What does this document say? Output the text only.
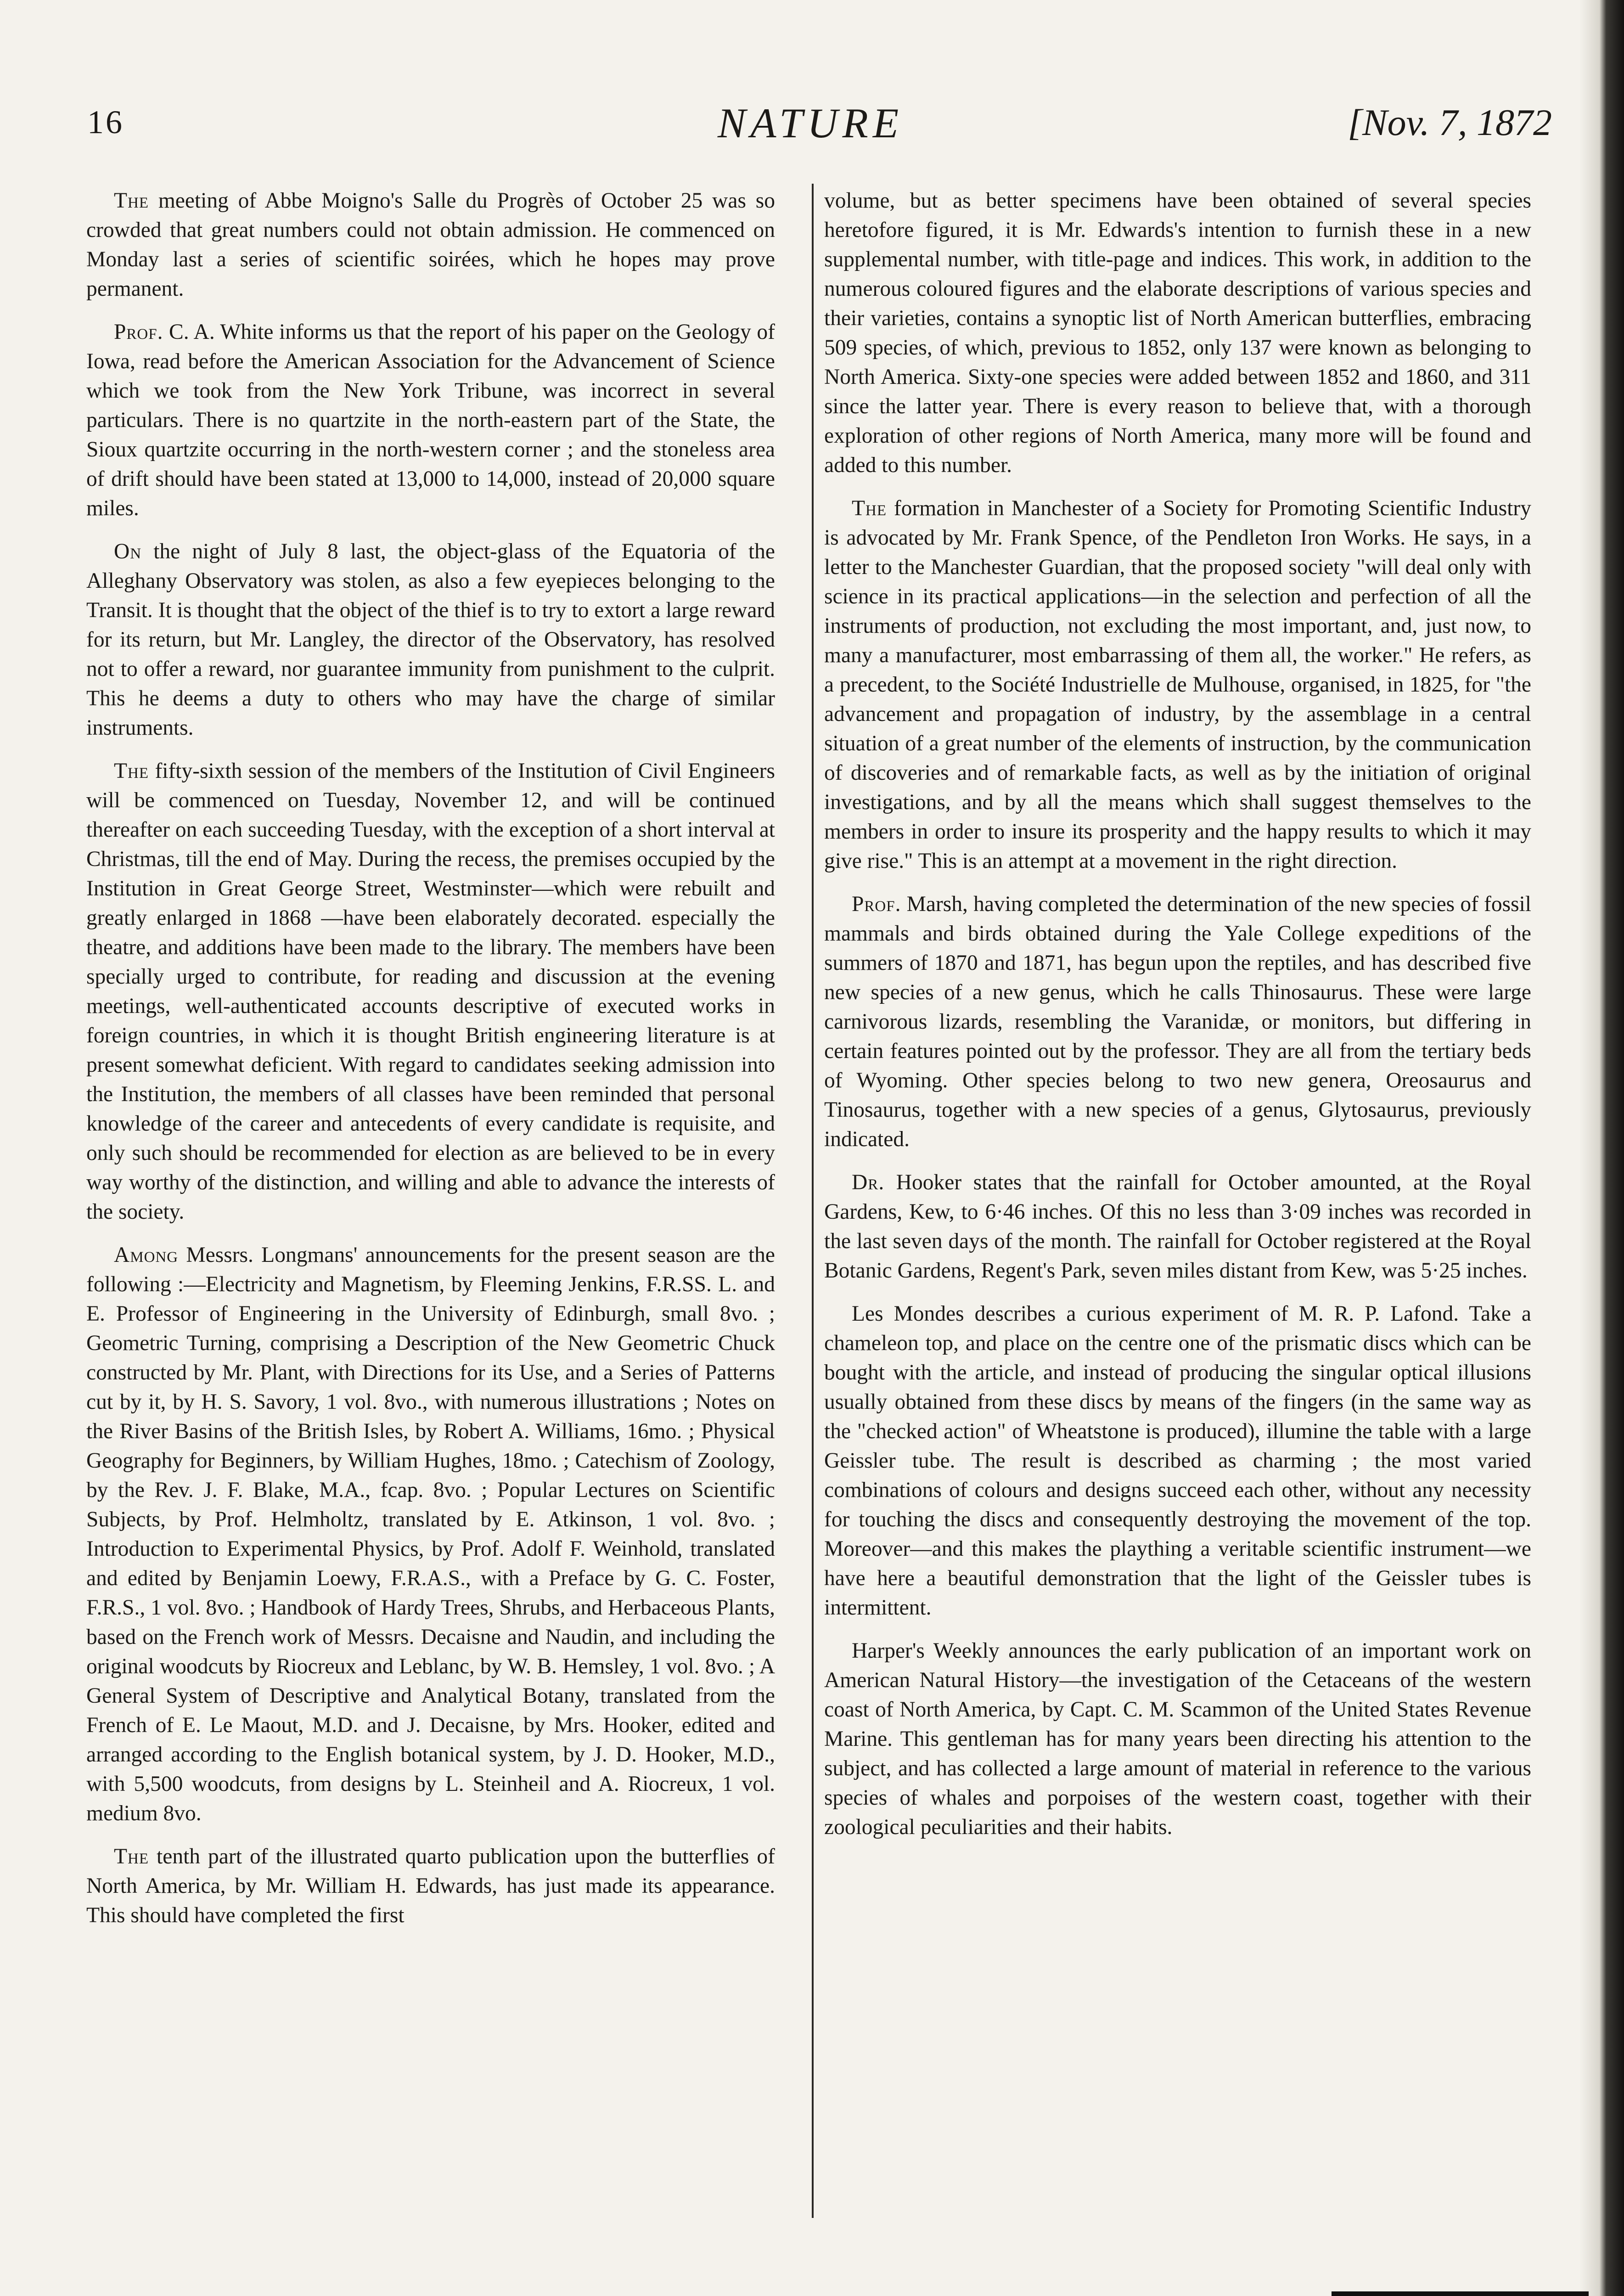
16	NATURE	[Nov. 7, 1872

The meeting of Abbe Moigno's Salle du Progrès of October 25 was so crowded that great numbers could not obtain admission. He commenced on Monday last a series of scientific soirées, which he hopes may prove permanent.

Prof. C. A. White informs us that the report of his paper on the Geology of Iowa, read before the American Association for the Advancement of Science which we took from the New York Tribune, was incorrect in several particulars. There is no quartzite in the north-eastern part of the State, the Sioux quartzite occurring in the north-western corner ; and the stoneless area of drift should have been stated at 13,000 to 14,000, instead of 20,000 square miles.

On the night of July 8 last, the object-glass of the Equatoria of the Alleghany Observatory was stolen, as also a few eyepieces belonging to the Transit. It is thought that the object of the thief is to try to extort a large reward for its return, but Mr. Langley, the director of the Observatory, has resolved not to offer a reward, nor guarantee immunity from punishment to the culprit. This he deems a duty to others who may have the charge of similar instruments.

The fifty-sixth session of the members of the Institution of Civil Engineers will be commenced on Tuesday, November 12, and will be continued thereafter on each succeeding Tuesday, with the exception of a short interval at Christmas, till the end of May. During the recess, the premises occupied by the Institution in Great George Street, Westminster—which were rebuilt and greatly enlarged in 1868 —have been elaborately decorated. especially the theatre, and additions have been made to the library. The members have been specially urged to contribute, for reading and discussion at the evening meetings, well-authenticated accounts descriptive of executed works in foreign countries, in which it is thought British engineering literature is at present somewhat deficient. With regard to candidates seeking admission into the Institution, the members of all classes have been reminded that personal knowledge of the career and antecedents of every candidate is requisite, and only such should be recommended for election as are believed to be in every way worthy of the distinction, and willing and able to advance the interests of the society.

Among Messrs. Longmans' announcements for the present season are the following :—Electricity and Magnetism, by Fleeming Jenkins, F.R.SS. L. and E. Professor of Engineering in the University of Edinburgh, small 8vo. ; Geometric Turning, comprising a Description of the New Geometric Chuck constructed by Mr. Plant, with Directions for its Use, and a Series of Patterns cut by it, by H. S. Savory, 1 vol. 8vo., with numerous illustrations ; Notes on the River Basins of the British Isles, by Robert A. Williams, 16mo. ; Physical Geography for Beginners, by William Hughes, 18mo. ; Catechism of Zoology, by the Rev. J. F. Blake, M.A., fcap. 8vo. ; Popular Lectures on Scientific Subjects, by Prof. Helmholtz, translated by E. Atkinson, 1 vol. 8vo. ; Introduction to Experimental Physics, by Prof. Adolf F. Weinhold, translated and edited by Benjamin Loewy, F.R.A.S., with a Preface by G. C. Foster, F.R.S., 1 vol. 8vo. ; Handbook of Hardy Trees, Shrubs, and Herbaceous Plants, based on the French work of Messrs. Decaisne and Naudin, and including the original woodcuts by Riocreux and Leblanc, by W. B. Hemsley, 1 vol. 8vo. ; A General System of Descriptive and Analytical Botany, translated from the French of E. Le Maout, M.D. and J. Decaisne, by Mrs. Hooker, edited and arranged according to the English botanical system, by J. D. Hooker, M.D., with 5,500 woodcuts, from designs by L. Steinheil and A. Riocreux, 1 vol. medium 8vo.

The tenth part of the illustrated quarto publication upon the butterflies of North America, by Mr. William H. Edwards, has just made its appearance. This should have completed the first

volume, but as better specimens have been obtained of several species heretofore figured, it is Mr. Edwards's intention to furnish these in a new supplemental number, with title-page and indices. This work, in addition to the numerous coloured figures and the elaborate descriptions of various species and their varieties, contains a synoptic list of North American butterflies, embracing 509 species, of which, previous to 1852, only 137 were known as belonging to North America. Sixty-one species were added between 1852 and 1860, and 311 since the latter year. There is every reason to believe that, with a thorough exploration of other regions of North America, many more will be found and added to this number.

The formation in Manchester of a Society for Promoting Scientific Industry is advocated by Mr. Frank Spence, of the Pendleton Iron Works. He says, in a letter to the Manchester Guardian, that the proposed society "will deal only with science in its practical applications—in the selection and perfection of all the instruments of production, not excluding the most important, and, just now, to many a manufacturer, most embarrassing of them all, the worker." He refers, as a precedent, to the Société Industrielle de Mulhouse, organised, in 1825, for "the advancement and propagation of industry, by the assemblage in a central situation of a great number of the elements of instruction, by the communication of discoveries and of remarkable facts, as well as by the initiation of original investigations, and by all the means which shall suggest themselves to the members in order to insure its prosperity and the happy results to which it may give rise." This is an attempt at a movement in the right direction.

Prof. Marsh, having completed the determination of the new species of fossil mammals and birds obtained during the Yale College expeditions of the summers of 1870 and 1871, has begun upon the reptiles, and has described five new species of a new genus, which he calls Thinosaurus. These were large carnivorous lizards, resembling the Varanidæ, or monitors, but differing in certain features pointed out by the professor. They are all from the tertiary beds of Wyoming. Other species belong to two new genera, Oreosaurus and Tinosaurus, together with a new species of a genus, Glytosaurus, previously indicated.

Dr. Hooker states that the rainfall for October amounted, at the Royal Gardens, Kew, to 6·46 inches. Of this no less than 3·09 inches was recorded in the last seven days of the month. The rainfall for October registered at the Royal Botanic Gardens, Regent's Park, seven miles distant from Kew, was 5·25 inches.

Les Mondes describes a curious experiment of M. R. P. Lafond. Take a chameleon top, and place on the centre one of the prismatic discs which can be bought with the article, and instead of producing the singular optical illusions usually obtained from these discs by means of the fingers (in the same way as the "checked action" of Wheatstone is produced), illumine the table with a large Geissler tube. The result is described as charming ; the most varied combinations of colours and designs succeed each other, without any necessity for touching the discs and consequently destroying the movement of the top. Moreover—and this makes the plaything a veritable scientific instrument—we have here a beautiful demonstration that the light of the Geissler tubes is intermittent.

Harper's Weekly announces the early publication of an important work on American Natural History—the investigation of the Cetaceans of the western coast of North America, by Capt. C. M. Scammon of the United States Revenue Marine. This gentleman has for many years been directing his attention to the subject, and has collected a large amount of material in reference to the various species of whales and porpoises of the western coast, together with their zoological peculiarities and their habits.
